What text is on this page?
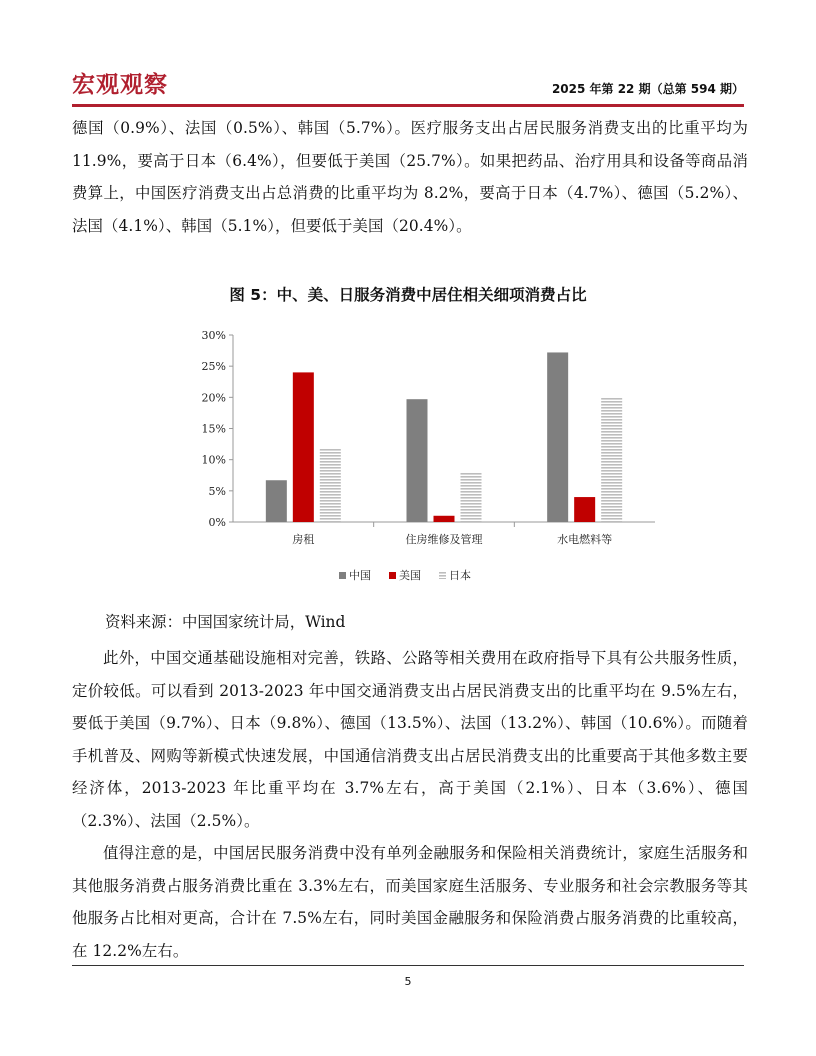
宏观观察	2025 年第 22 期（总第 594 期）

德国（0.9%）、法国（0.5%）、韩国（5.7%）。医疗服务支出占居民服务消费支出的比重平均为 11.9%，要高于日本（6.4%），但要低于美国（25.7%）。如果把药品、治疗用具和设备等商品消费算上，中国医疗消费支出占总消费的比重平均为 8.2%，要高于日本（4.7%）、德国（5.2%）、法国（4.1%）、韩国（5.1%），但要低于美国（20.4%）。

图 5：中、美、日服务消费中居住相关细项消费占比
0%
5%
10%
15%
20%
25%
30%
房租	住房维修及管理	水电燃料等
中国	美国	日本
资料来源：中国国家统计局，Wind

此外，中国交通基础设施相对完善，铁路、公路等相关费用在政府指导下具有公共服务性质，定价较低。可以看到 2013-2023 年中国交通消费支出占居民消费支出的比重平均在 9.5%左右，要低于美国（9.7%）、日本（9.8%）、德国（13.5%）、法国（13.2%）、韩国（10.6%）。而随着手机普及、网购等新模式快速发展，中国通信消费支出占居民消费支出的比重要高于其他多数主要经济体，2013-2023 年比重平均在 3.7%左右，高于美国（2.1%）、日本（3.6%）、德国（2.3%）、法国（2.5%）。

值得注意的是，中国居民服务消费中没有单列金融服务和保险相关消费统计，家庭生活服务和其他服务消费占服务消费比重在 3.3%左右，而美国家庭生活服务、专业服务和社会宗教服务等其他服务占比相对更高，合计在 7.5%左右，同时美国金融服务和保险消费占服务消费的比重较高，在 12.2%左右。

5
